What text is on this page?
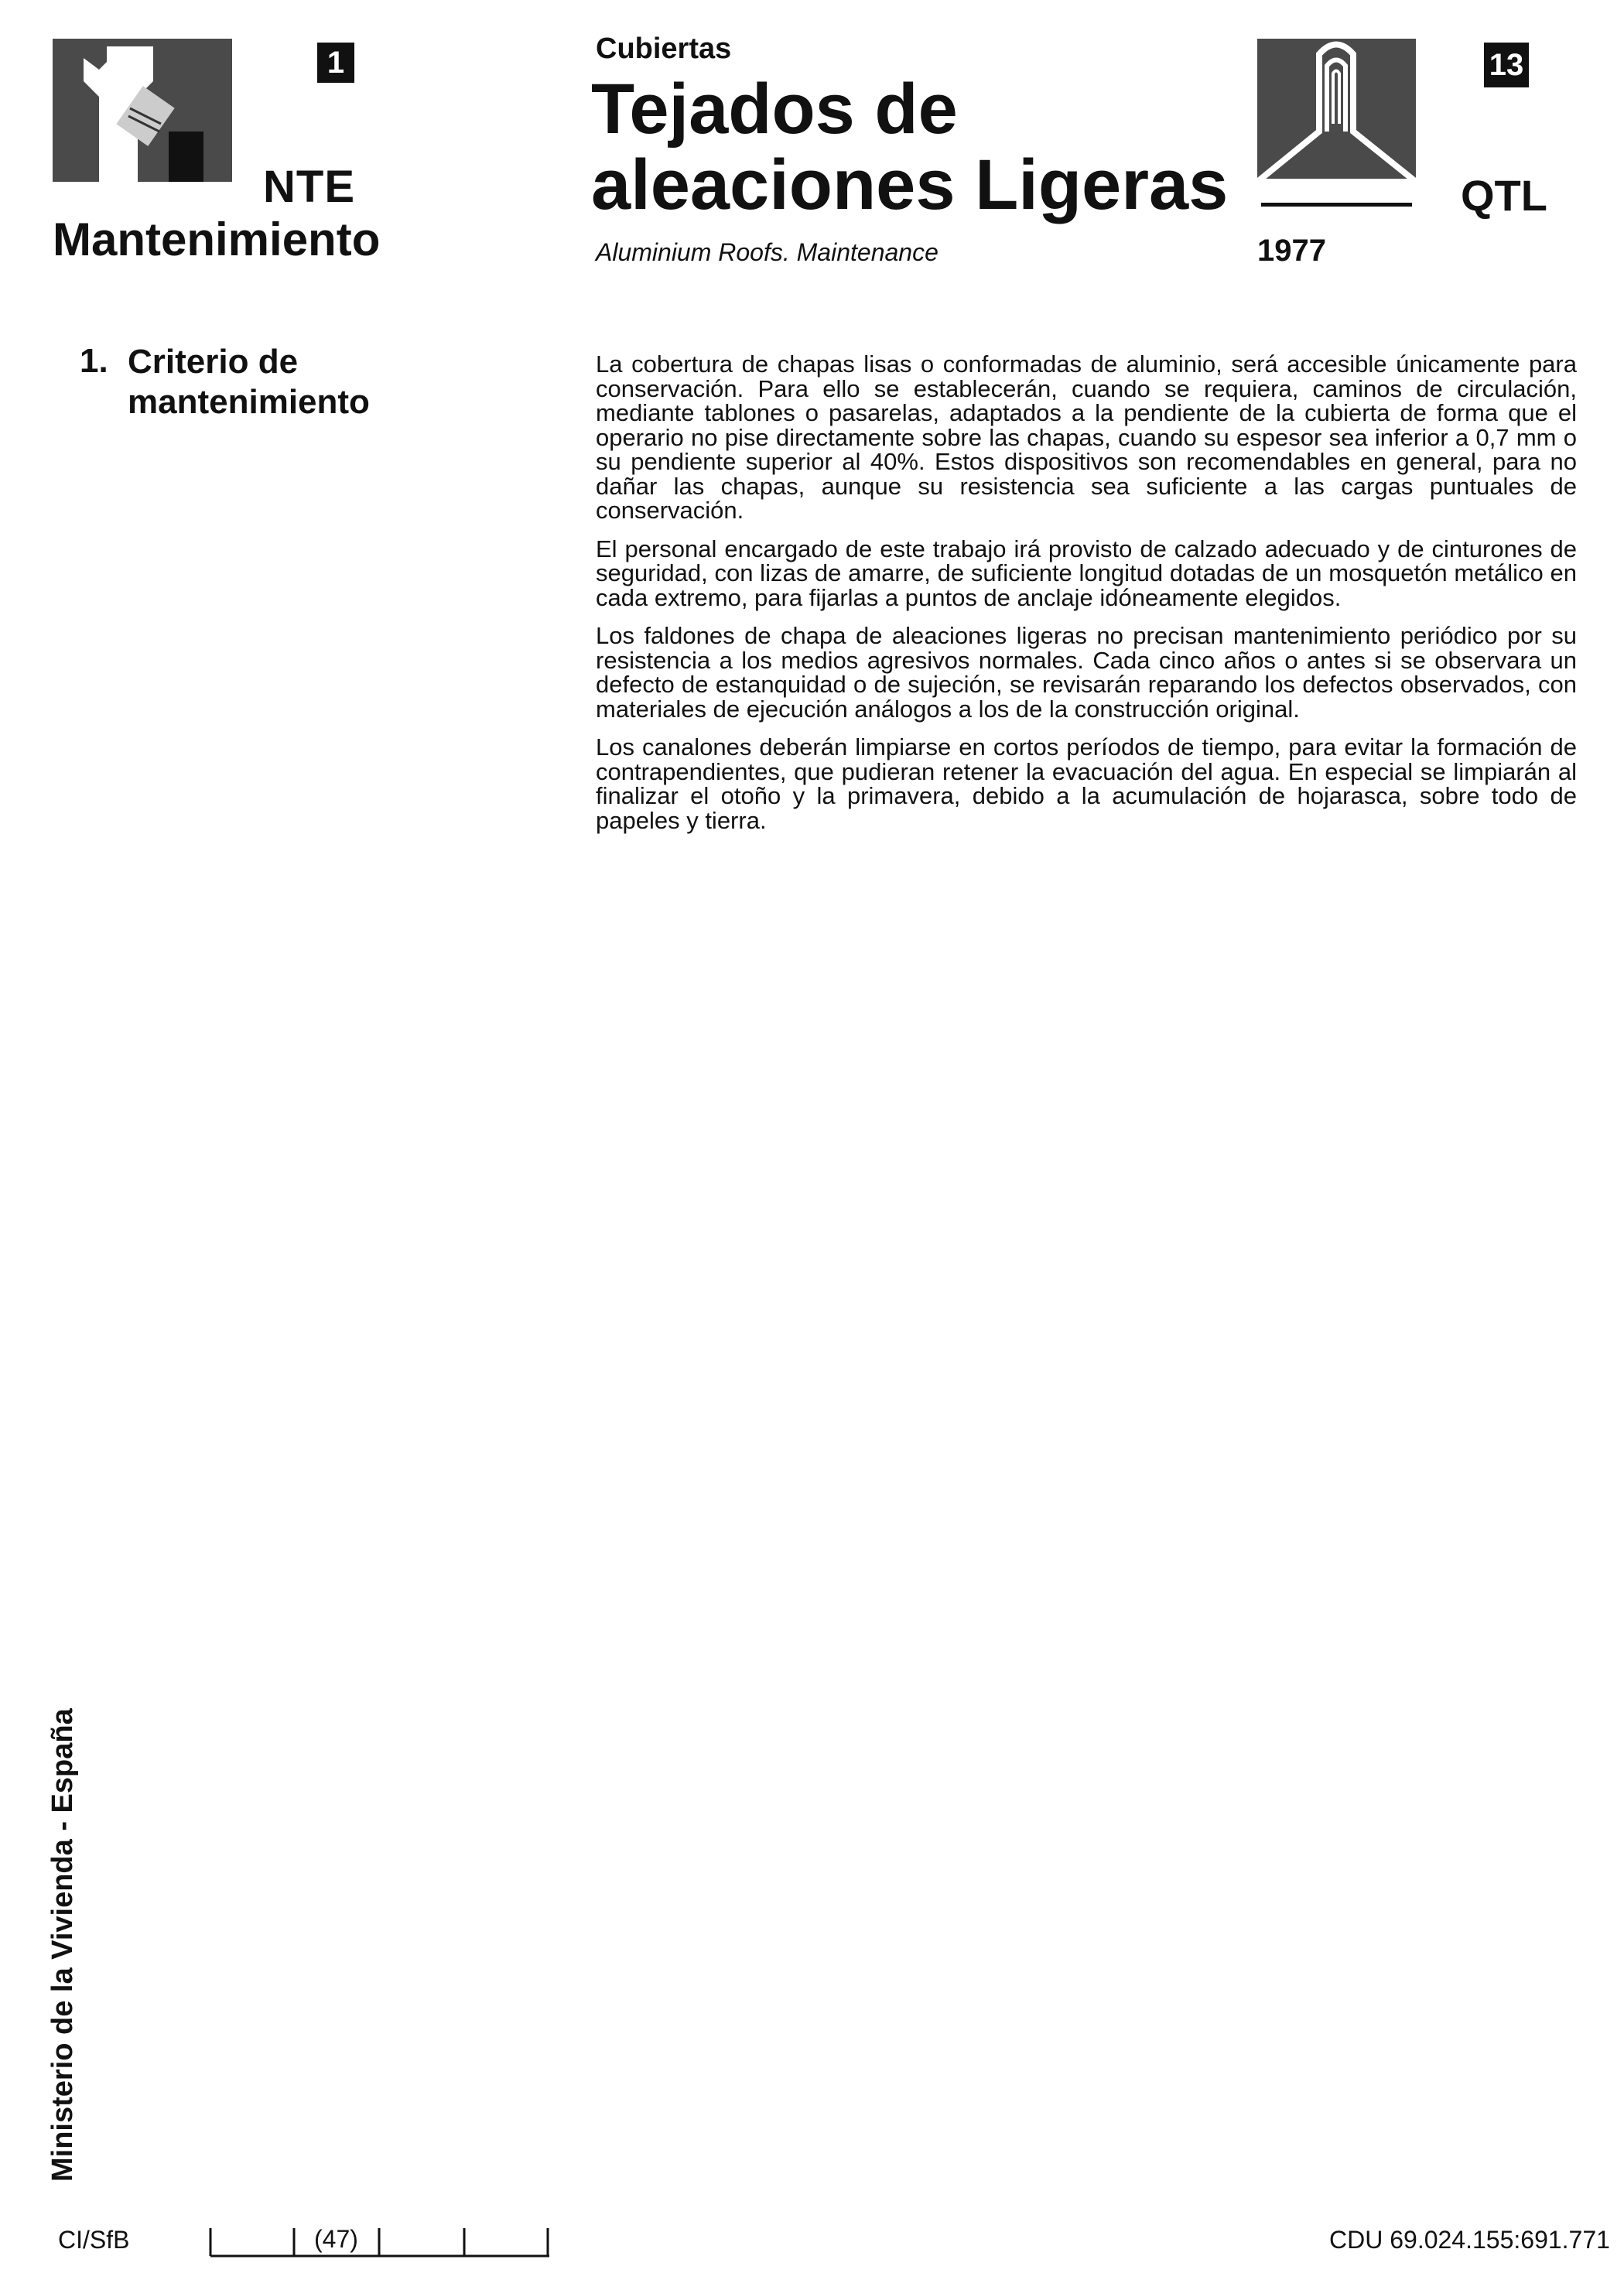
1
NTE
Mantenimiento
Cubiertas
Tejados de
aleaciones Ligeras
Aluminium Roofs. Maintenance	1977
13
QTL
1. Criterio de
mantenimiento

La cobertura de chapas lisas o conformadas de aluminio, será accesible únicamente para conservación. Para ello se establecerán, cuando se requiera, caminos de circulación, mediante tablones o pasarelas, adaptados a la pendiente de la cubierta de forma que el operario no pise directamente sobre las chapas, cuando su espesor sea inferior a 0,7 mm o su pendiente superior al 40%. Estos dispositivos son recomendables en general, para no dañar las chapas, aunque su resistencia sea suficiente a las cargas puntuales de conservación.

El personal encargado de este trabajo irá provisto de calzado adecuado y de cinturones de seguridad, con lizas de amarre, de suficiente longitud dotadas de un mosquetón metálico en cada extremo, para fijarlas a puntos de anclaje idóneamente elegidos.

Los faldones de chapa de aleaciones ligeras no precisan mantenimiento periódico por su resistencia a los medios agresivos normales. Cada cinco años o antes si se observara un defecto de estanquidad o de sujeción, se revisarán reparando los defectos observados, con materiales de ejecución análogos a los de la construcción original.

Los canalones deberán limpiarse en cortos períodos de tiempo, para evitar la formación de contrapendientes, que pudieran retener la evacuación del agua. En especial se limpiarán al finalizar el otoño y la primavera, debido a la acumulación de hojarasca, sobre todo de papeles y tierra.

Ministerio de la Vivienda - España
CI/SfB	(47)	CDU 69.024.155:691.771
